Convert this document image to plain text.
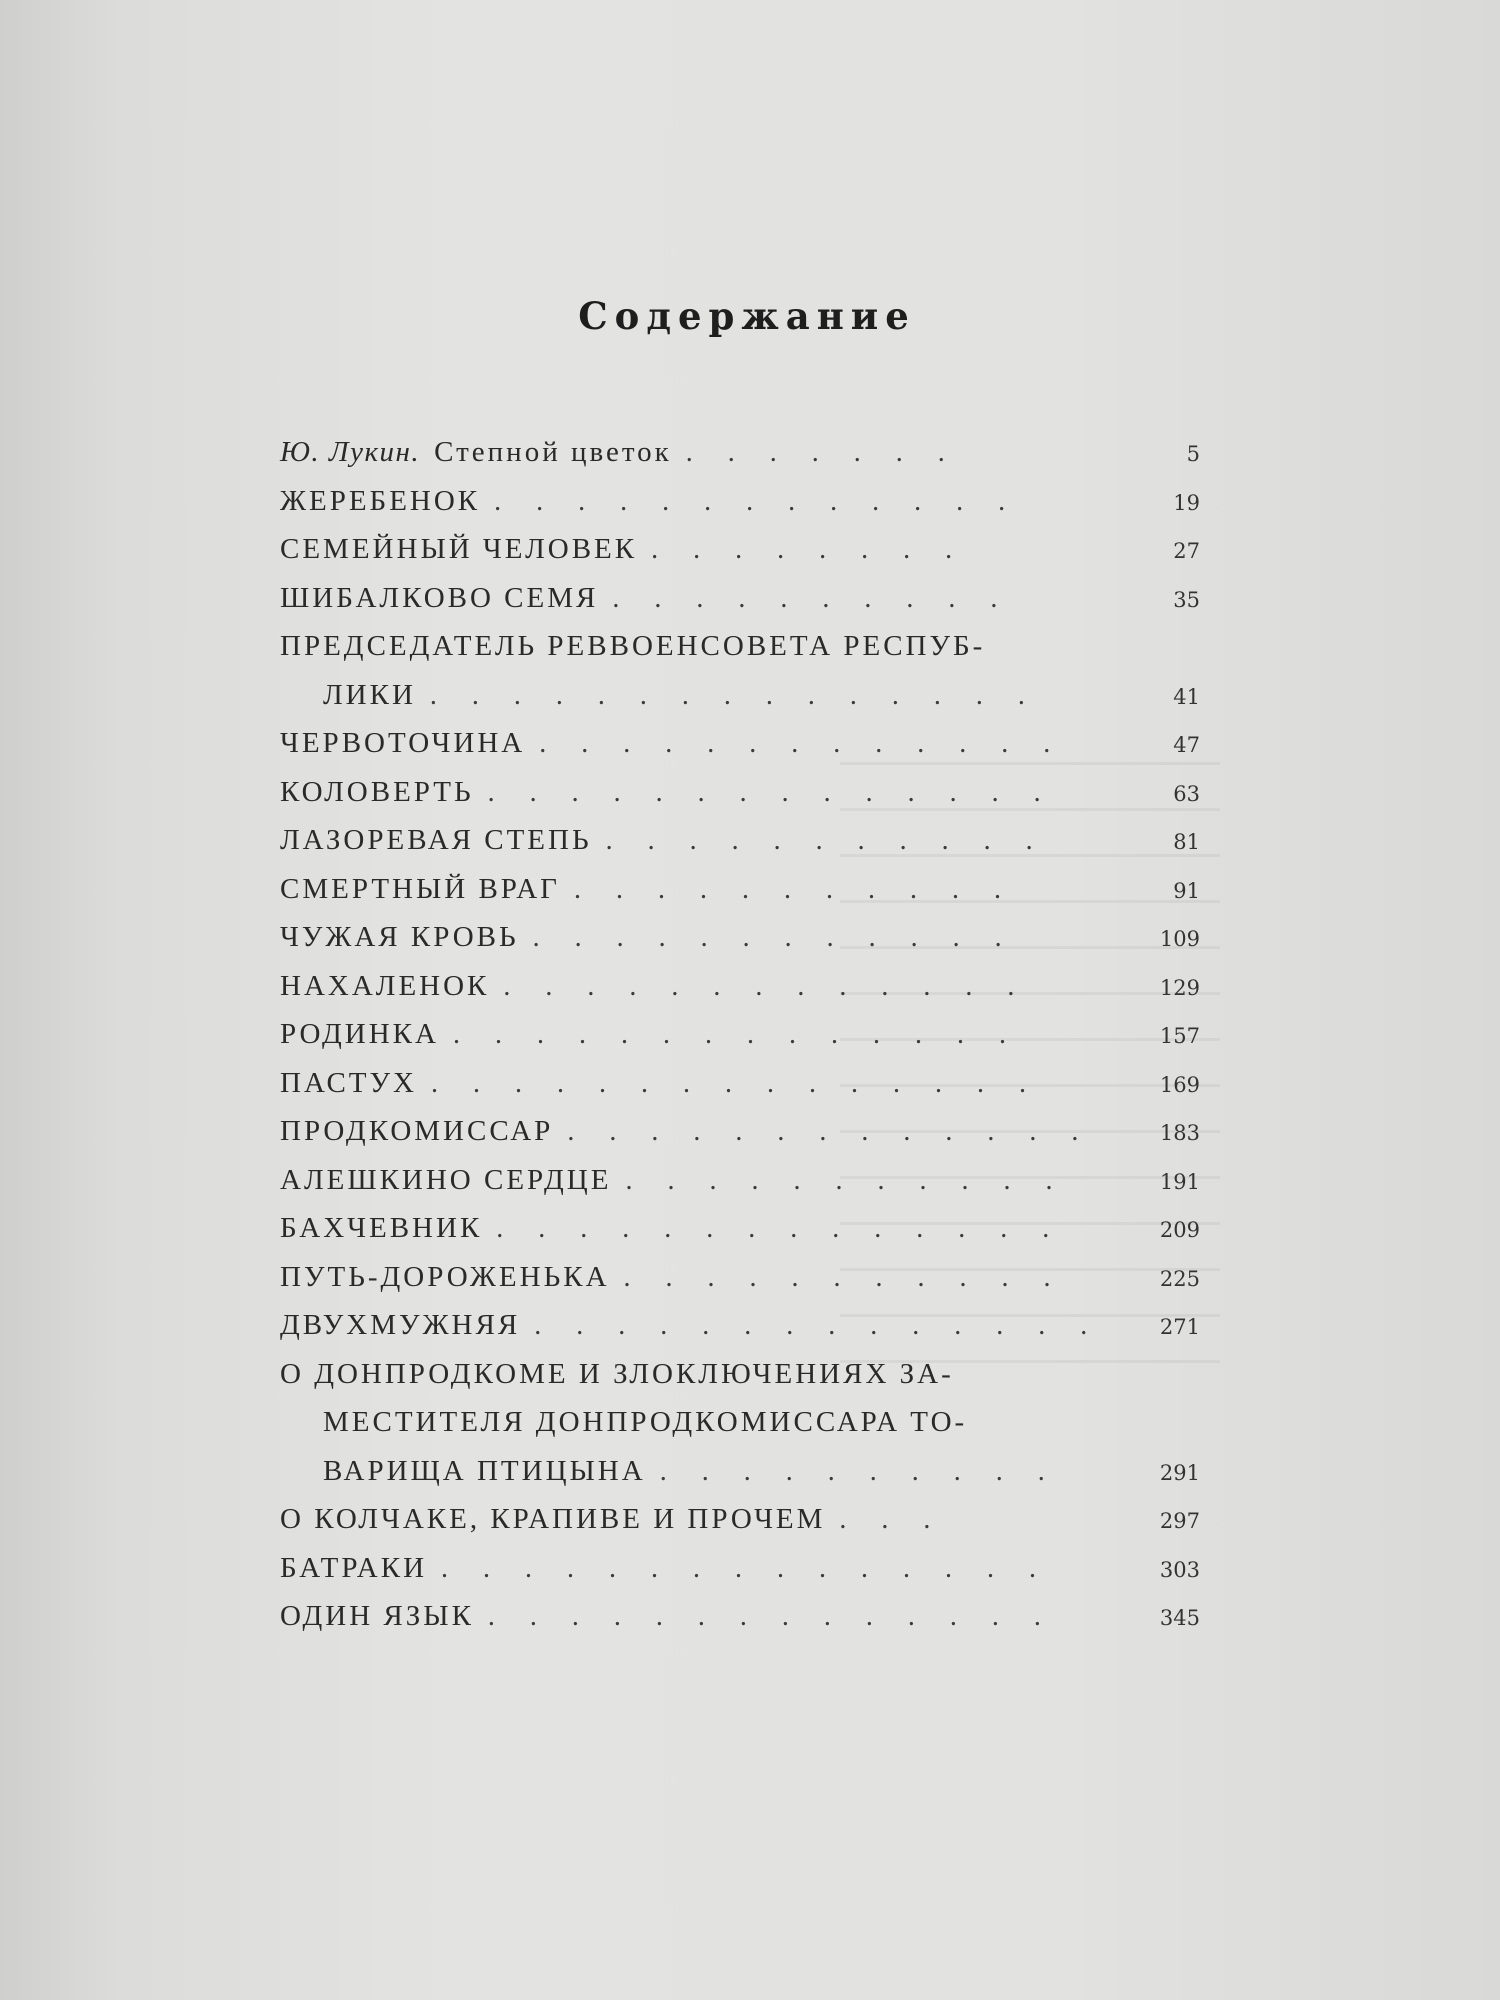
Содержание
Ю. Лукин. Степной цветок . . . . . . .	5
ЖЕРЕБЕНОК . . . . . . . . . . . . .	19
СЕМЕЙНЫЙ ЧЕЛОВЕК . . . . . . . .	27
ШИБАЛКОВО СЕМЯ . . . . . . . . . .	35
ПРЕДСЕДАТЕЛЬ РЕВВОЕНСОВЕТА РЕСПУБ-
ЛИКИ . . . . . . . . . . . . . . .	41
ЧЕРВОТОЧИНА . . . . . . . . . . . . .	47
КОЛОВЕРТЬ . . . . . . . . . . . . . .	63
ЛАЗОРЕВАЯ СТЕПЬ . . . . . . . . . . .	81
СМЕРТНЫЙ ВРАГ . . . . . . . . . . .	91
ЧУЖАЯ КРОВЬ . . . . . . . . . . . .	109
НАХАЛЕНОК . . . . . . . . . . . . .	129
РОДИНКА . . . . . . . . . . . . . .	157
ПАСТУХ . . . . . . . . . . . . . . .	169
ПРОДКОМИССАР . . . . . . . . . . . . .	183
АЛЕШКИНО СЕРДЦЕ . . . . . . . . . . .	191
БАХЧЕВНИК . . . . . . . . . . . . . .	209
ПУТЬ-ДОРОЖЕНЬКА . . . . . . . . . . .	225
ДВУХМУЖНЯЯ . . . . . . . . . . . . . .	271
О ДОНПРОДКОМЕ И ЗЛОКЛЮЧЕНИЯХ ЗА-
МЕСТИТЕЛЯ ДОНПРОДКОМИССАРА ТО-
ВАРИЩА ПТИЦЫНА . . . . . . . . . .	291
О КОЛЧАКЕ, КРАПИВЕ И ПРОЧЕМ . . .	297
БАТРАКИ . . . . . . . . . . . . . . .	303
ОДИН ЯЗЫК . . . . . . . . . . . . . .	345
